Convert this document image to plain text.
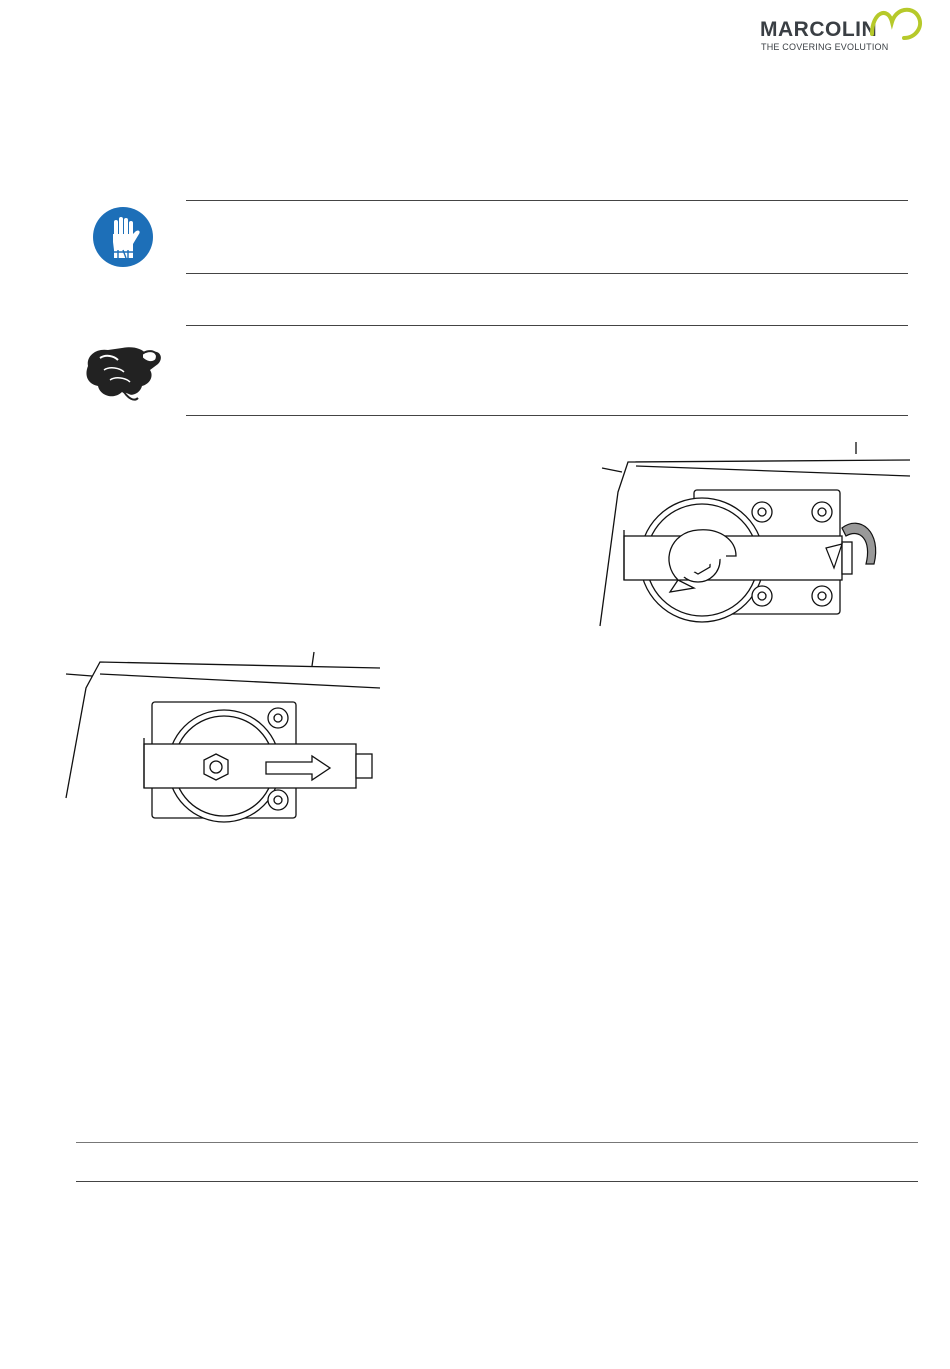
MARCOLIN
THE COVERING EVOLUTION
